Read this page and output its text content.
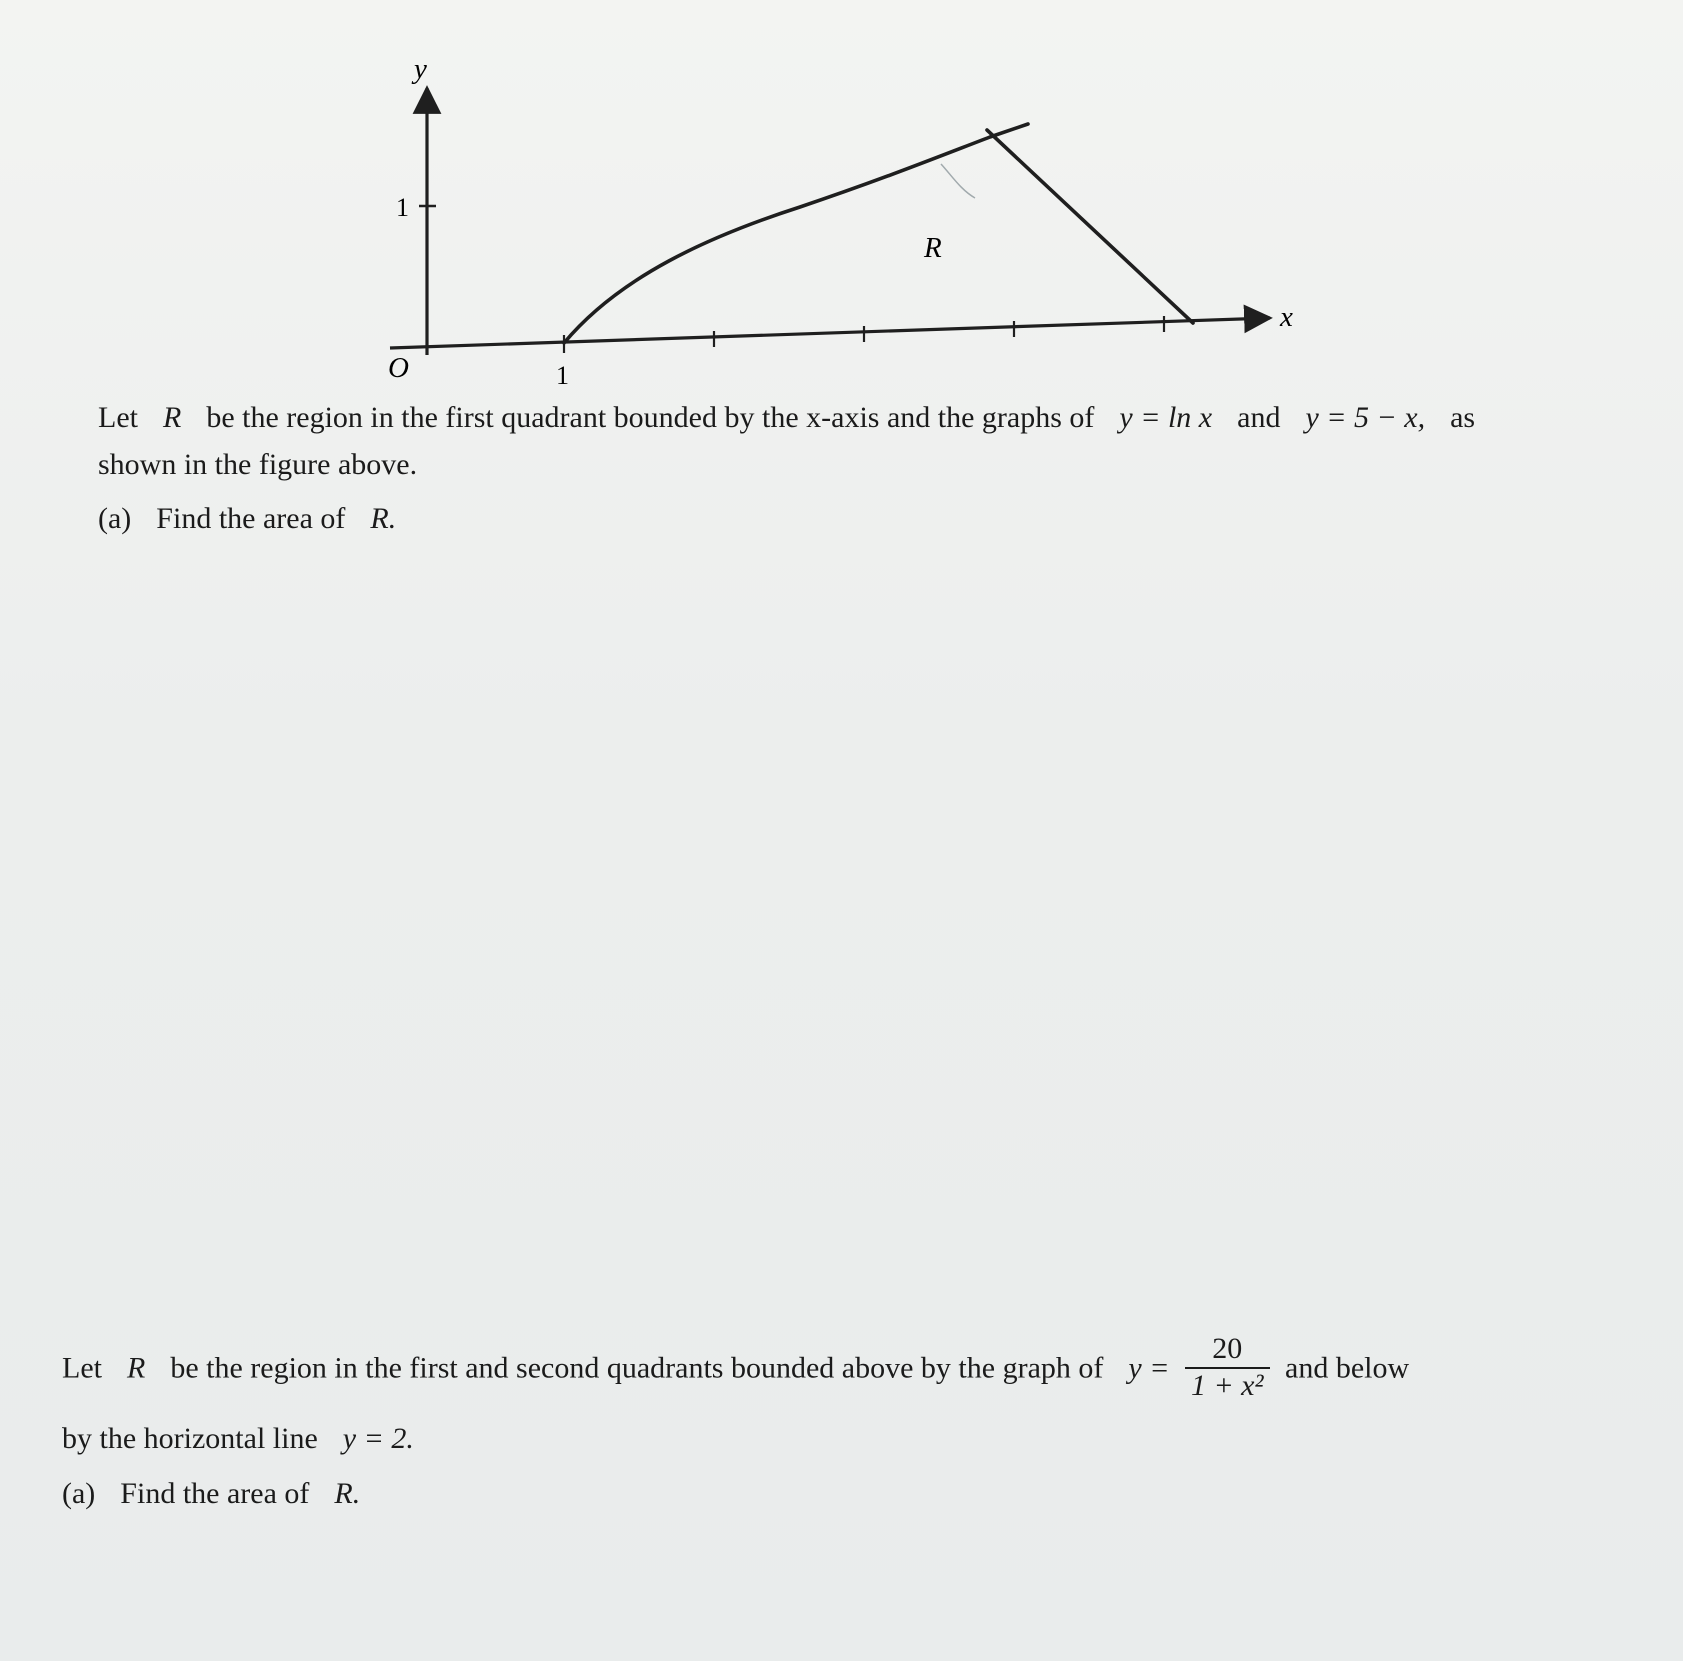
y
x
O
1
1
R
Let R be the region in the first quadrant bounded by the x-axis and the graphs of y = ln x and y = 5 − x, as
shown in the figure above.
(a) Find the area of R.
Let R be the region in the first and second quadrants bounded above by the graph of $y = \frac{20}{\text{1 + x²}}$ and below
by the horizontal line y = 2.
(a) Find the area of R.
